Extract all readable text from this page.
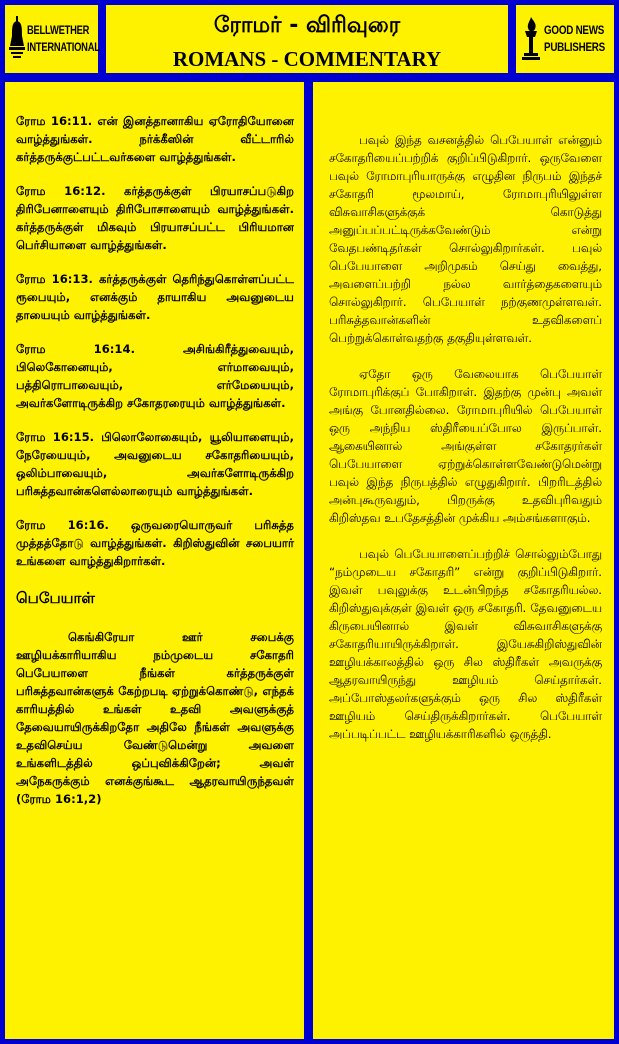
BELLWETHER
INTERNATIONAL
ரோமர் - விரிவுரை
ROMANS - COMMENTARY
GOOD NEWS
PUBLISHERS

ரோம 16:11. என் இனத்தானாகிய ஏரோதியோனை வாழ்த்துங்கள். நர்க்கீஸின் வீட்டாரில் கர்த்தருக்குட்பட்டவர்களை வாழ்த்துங்கள்.

ரோம 16:12. கர்த்தருக்குள் பிரயாசப்படுகிற திரிபேனாளையும் திரிபோசாளையும் வாழ்த்துங்கள். கர்த்தருக்குள் மிகவும் பிரயாசப்பட்ட பிரியமான பெர்சியாளை வாழ்த்துங்கள்.

ரோம 16:13. கர்த்தருக்குள் தெரிந்துகொள்ளப்பட்ட ரூபையும், எனக்கும் தாயாகிய அவனுடைய தாயையும் வாழ்த்துங்கள்.

ரோம 16:14. அசிங்கிரீத்துவையும், பிலெகோனையும், எர்மாவையும், பத்திரொபாவையும், எர்மேயையும், அவர்களோடிருக்கிற சகோதரரையும் வாழ்த்துங்கள்.

ரோம 16:15. பிலொலோகையும், யூலியாளையும், நேரேயையும், அவனுடைய சகோதரியையும், ஒலிம்பாவையும், அவர்களோடிருக்கிற பரிசுத்தவான்களெல்லாரையும் வாழ்த்துங்கள்.

ரோம 16:16. ஒருவரையொருவர் பரிசுத்த முத்தத்தோடு வாழ்த்துங்கள். கிறிஸ்துவின் சபையார் உங்களை வாழ்த்துகிறார்கள்.

பெபேயாள்

கெங்கிரேயா ஊர் சபைக்கு ஊழியக்காரியாகிய நம்முடைய சகோதரி பெபேயாளை நீங்கள் கர்த்தருக்குள் பரிசுத்தவான்களுக் கேற்றபடி ஏற்றுக்கொண்டு, எந்தக் காரியத்தில் உங்கள் உதவி அவளுக்குத் தேவையாயிருக்கிறதோ அதிலே நீங்கள் அவளுக்கு உதவிசெய்ய வேண்டுமென்று அவளை உங்களிடத்தில் ஒப்புவிக்கிறேன்; அவள் அநேகருக்கும் எனக்குங்கூட ஆதரவாயிருந்தவள் (ரோம 16:1,2)

பவுல் இந்த வசனத்தில் பெபேயாள் என்னும் சகோதரியைப்பற்றிக் குறிப்பிடுகிறார். ஒருவேளை பவுல் ரோமாபுரியாருக்கு எழுதின நிருபம் இந்தச் சகோதரி மூலமாய், ரோமாபுரியிலுள்ள விசுவாசிகளுக்குக் கொடுத்து அனுப்பப்பட்டிருக்கவேண்டும் என்று வேதபண்டிதர்கள் சொல்லுகிறார்கள். பவுல் பெபேயாளை அறிமுகம் செய்து வைத்து, அவளைப்பற்றி நல்ல வார்த்தைகளையும் சொல்லுகிறார். பெபேயாள் நற்குணமுள்ளவள். பரிசுத்தவான்களின் உதவிகளைப் பெற்றுக்கொள்வதற்கு தகுதியுள்ளவள்.

ஏதோ ஒரு வேலையாக பெபேயாள் ரோமாபுரிக்குப் போகிறாள். இதற்கு முன்பு அவள் அங்கு போனதில்லை. ரோமாபுரியில் பெபேயாள் ஒரு அந்நிய ஸ்திரீயைப்போல இருப்பாள். ஆகையினால் அங்குள்ள சகோதரர்கள் பெபேயாளை ஏற்றுக்கொள்ளவேண்டுமென்று பவுல் இந்த நிருபத்தில் எழுதுகிறார். பிறரிடத்தில் அன்புகூருவதும், பிறருக்கு உதவிபுரிவதும் கிறிஸ்தவ உபதேசத்தின் முக்கிய அம்சங்களாகும்.

பவுல் பெபேயாளைப்பற்றிச் சொல்லும்போது “நம்முடைய சகோதரி” என்று குறிப்பிடுகிறார். இவள் பவுலுக்கு உடன்பிறந்த சகோதரியல்ல. கிறிஸ்துவுக்குள் இவள் ஒரு சகோதரி. தேவனுடைய கிருபையினால் இவள் விசுவாசிகளுக்கு சகோதரியாயிருக்கிறாள். இயேசுகிறிஸ்துவின் ஊழியக்காலத்தில் ஒரு சில ஸ்திரீகள் அவருக்கு ஆதரவாயிருந்து ஊழியம் செய்தார்கள். அப்போஸ்தலர்களுக்கும் ஒரு சில ஸ்திரீகள் ஊழியம் செய்திருக்கிறார்கள். பெபேயாள் அப்படிப்பட்ட ஊழியக்காரிகளில் ஒருத்தி.
